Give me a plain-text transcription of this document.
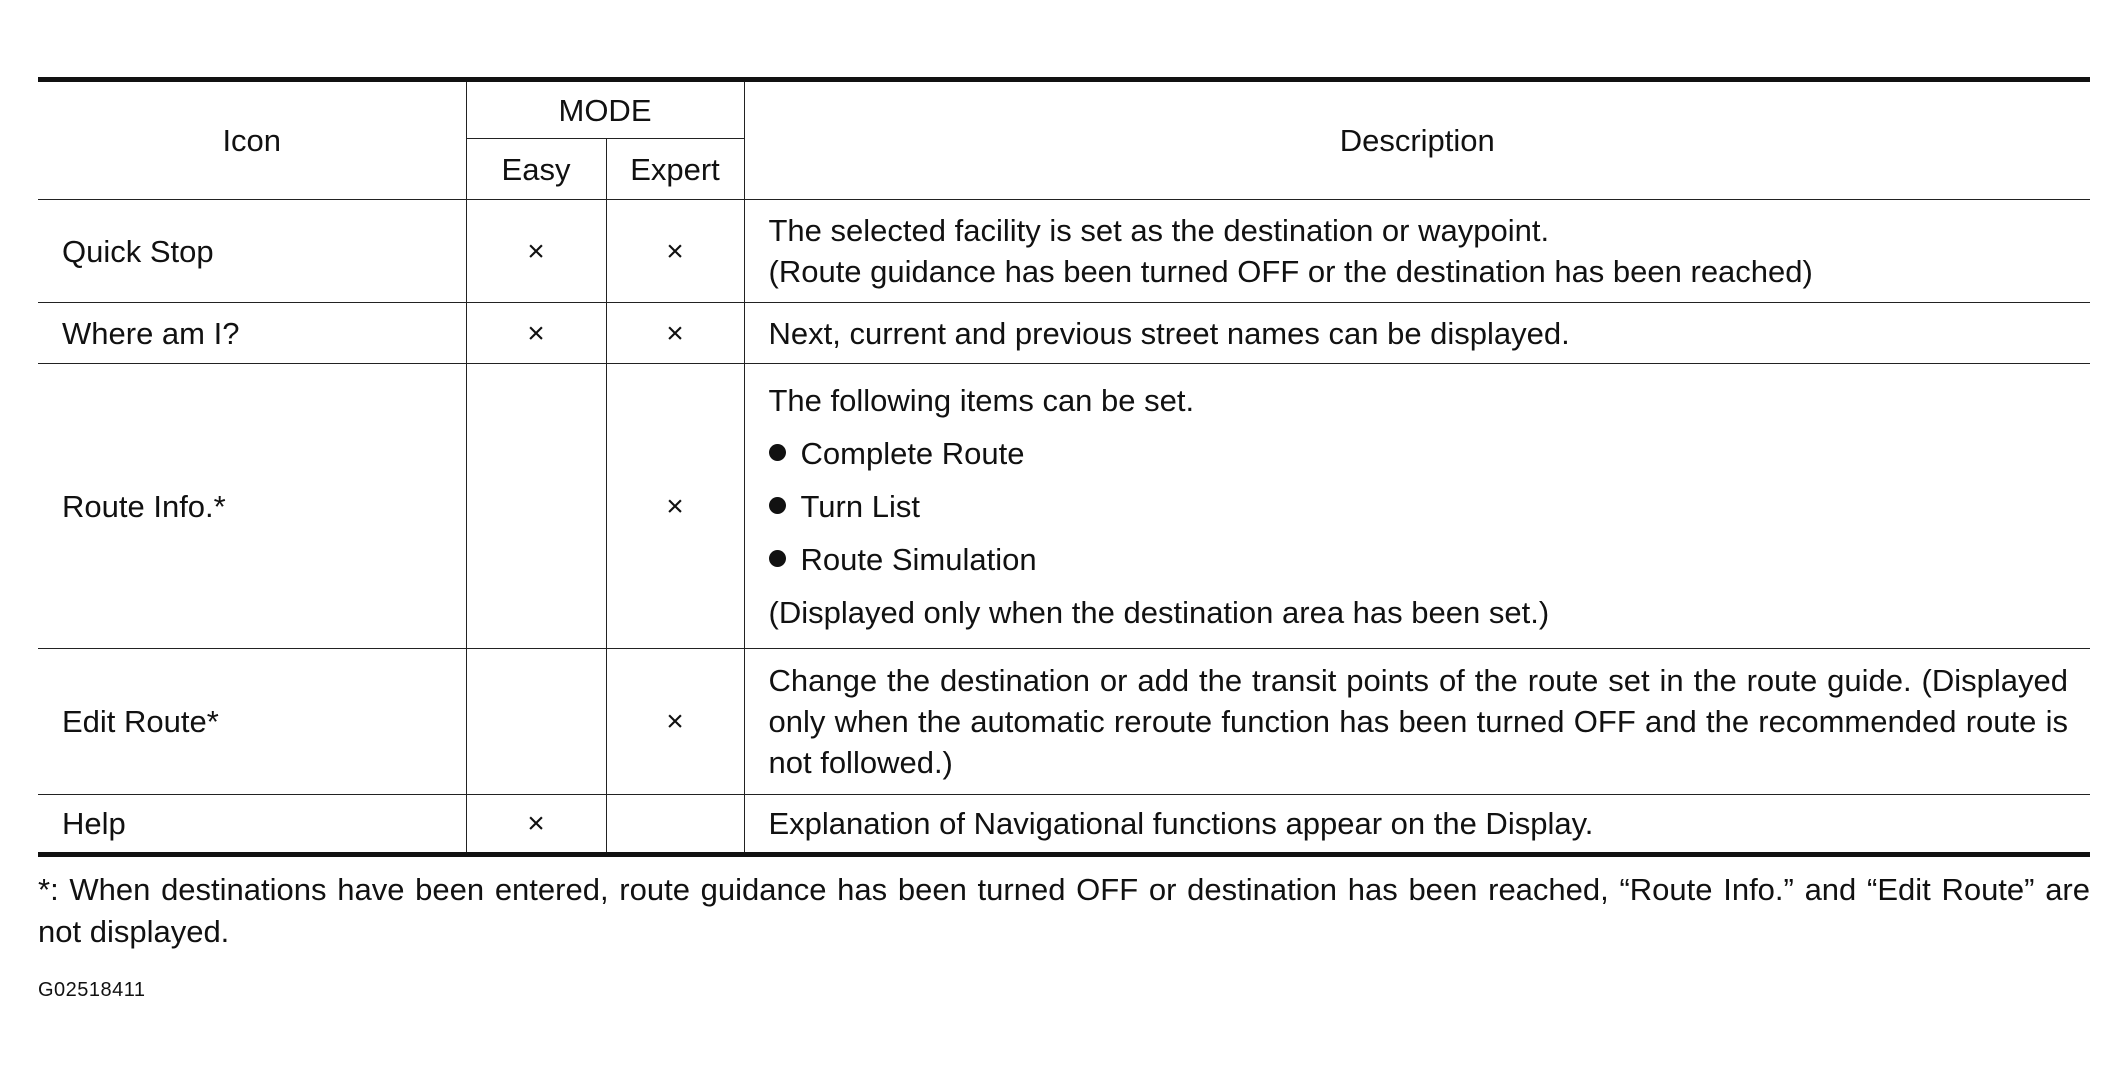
Icon	MODE		Description
	Easy	Expert	
Quick Stop	×	×	The selected facility is set as the destination or waypoint.
(Route guidance has been turned OFF or the destination has been reached)

Where am I?	×	×	Next, current and previous street names can be displayed.

Route Info.*		×	The following items can be set.
Complete Route
Turn List
Route Simulation
(Displayed only when the destination area has been set.)

Edit Route*		×	Change the destination or add the transit points of the route set in the route guide. (Displayed only when the automatic reroute function has been turned OFF and the recommended route is not followed.)
Help	×		Explanation of Navigational functions appear on the Display.
*: When destinations have been entered, route guidance has been turned OFF or destination has been reached, “Route Info.” and “Edit Route” are not displayed.
G02518411
